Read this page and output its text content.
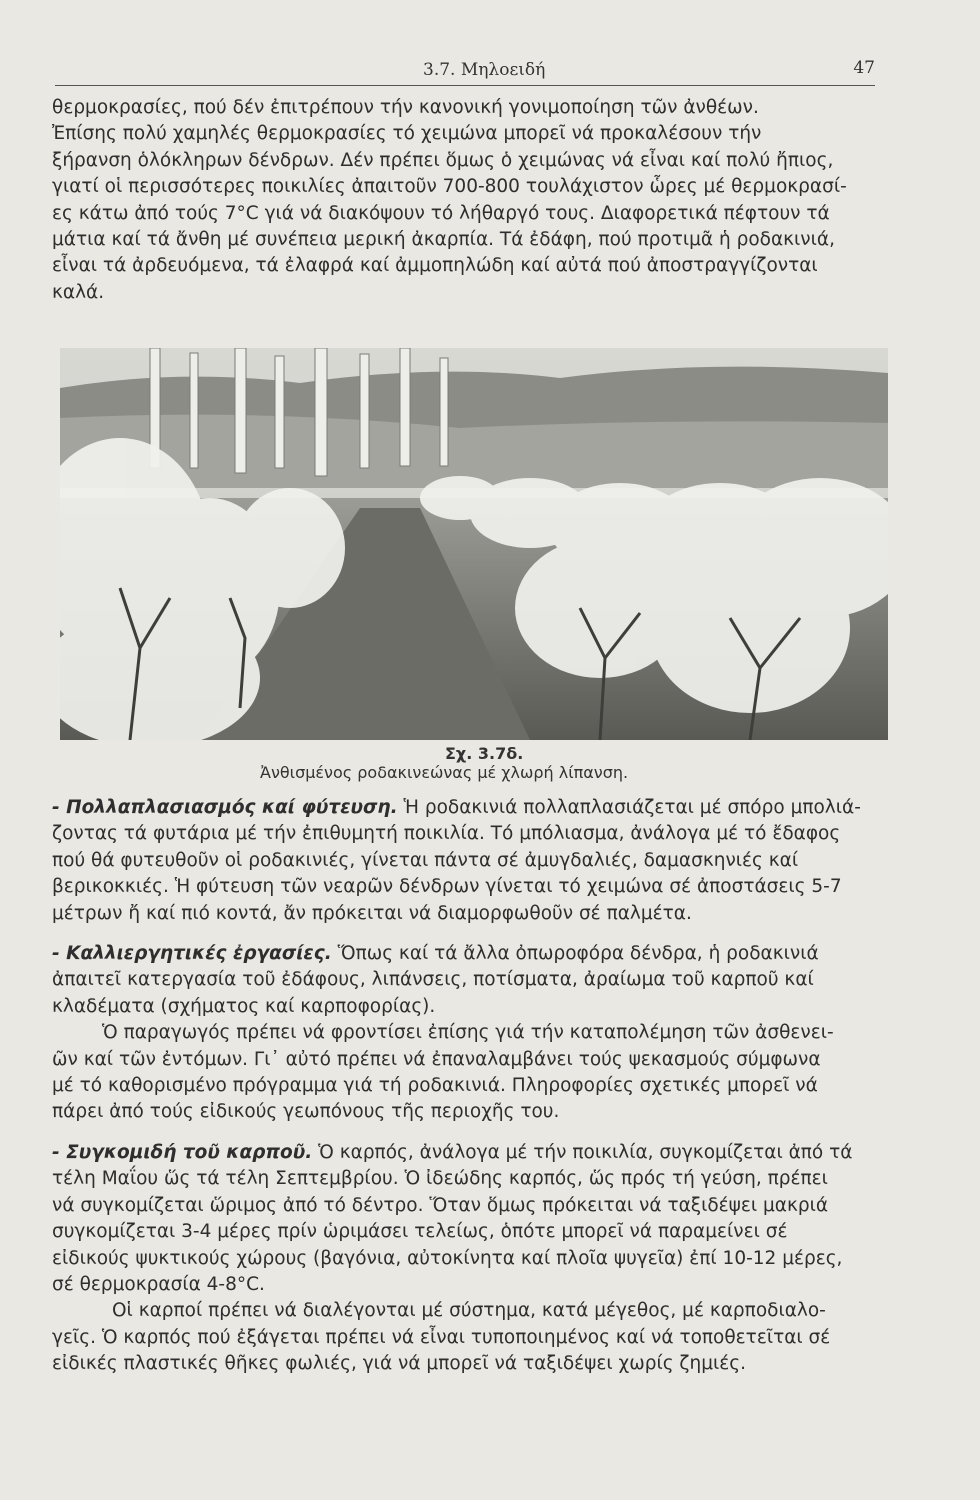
3.7. Μηλοειδή	47
θερμοκρασίες, πού δέν ἐπιτρέπουν τήν κανονική γονιμοποίηση τῶν ἀνθέων.
Ἐπίσης πολύ χαμηλές θερμοκρασίες τό χειμώνα μπορεῖ νά προκαλέσουν τήν
ξήρανση ὁλόκληρων δένδρων. Δέν πρέπει ὅμως ὁ χειμώνας νά εἶναι καί πολύ ἤπιος,
γιατί οἱ περισσότερες ποικιλίες ἀπαιτοῦν 700-800 τουλάχιστον ὧρες μέ θερμοκρασί-
ες κάτω ἀπό τούς 7°C γιά νά διακόψουν τό λήθαργό τους. Διαφορετικά πέφτουν τά
μάτια καί τά ἄνθη μέ συνέπεια μερική ἀκαρπία. Τά ἐδάφη, πού προτιμᾶ ἡ ροδακινιά,
εἶναι τά ἀρδευόμενα, τά ἐλαφρά καί ἀμμοπηλώδη καί αὐτά πού ἀποστραγγίζονται
καλά.
Σχ. 3.7δ.
Ἀνθισμένος ροδακινεώνας μέ χλωρή λίπανση.
- Πολλαπλασιασμός καί φύτευση. Ἡ ροδακινιά πολλαπλασιάζεται μέ σπόρο μπολιά-
ζοντας τά φυτάρια μέ τήν ἐπιθυμητή ποικιλία. Τό μπόλιασμα, ἀνάλογα μέ τό ἔδαφος
πού θά φυτευθοῦν οἱ ροδακινιές, γίνεται πάντα σέ ἀμυγδαλιές, δαμασκηνιές καί
βερικοκκιές. Ἡ φύτευση τῶν νεαρῶν δένδρων γίνεται τό χειμώνα σέ ἀποστάσεις 5-7
μέτρων ἤ καί πιό κοντά, ἄν πρόκειται νά διαμορφωθοῦν σέ παλμέτα.
- Καλλιεργητικές ἐργασίες. Ὅπως καί τά ἄλλα ὀπωροφόρα δένδρα, ἡ ροδακινιά
ἀπαιτεῖ κατεργασία τοῦ ἐδάφους, λιπάνσεις, ποτίσματα, ἀραίωμα τοῦ καρποῦ καί
κλαδέματα (σχήματος καί καρποφορίας).
Ὁ παραγωγός πρέπει νά φροντίσει ἐπίσης γιά τήν καταπολέμηση τῶν ἀσθενει-
ῶν καί τῶν ἐντόμων. Γι᾽ αὐτό πρέπει νά ἐπαναλαμβάνει τούς ψεκασμούς σύμφωνα
μέ τό καθορισμένο πρόγραμμα γιά τή ροδακινιά. Πληροφορίες σχετικές μπορεῖ νά
πάρει ἀπό τούς εἰδικούς γεωπόνους τῆς περιοχῆς του.
- Συγκομιδή τοῦ καρποῦ. Ὁ καρπός, ἀνάλογα μέ τήν ποικιλία, συγκομίζεται ἀπό τά
τέλη Μαΐου ὥς τά τέλη Σεπτεμβρίου. Ὁ ἰδεώδης καρπός, ὥς πρός τή γεύση, πρέπει
νά συγκομίζεται ὥριμος ἀπό τό δέντρο. Ὅταν ὅμως πρόκειται νά ταξιδέψει μακριά
συγκομίζεται 3-4 μέρες πρίν ὡριμάσει τελείως, ὁπότε μπορεῖ νά παραμείνει σέ
εἰδικούς ψυκτικούς χώρους (βαγόνια, αὐτοκίνητα καί πλοῖα ψυγεῖα) ἐπί 10-12 μέρες,
σέ θερμοκρασία 4-8°C.
Οἱ καρποί πρέπει νά διαλέγονται μέ σύστημα, κατά μέγεθος, μέ καρποδιαλο-
γεῖς. Ὁ καρπός πού ἐξάγεται πρέπει νά εἶναι τυποποιημένος καί νά τοποθετεῖται σέ
εἰδικές πλαστικές θῆκες φωλιές, γιά νά μπορεῖ νά ταξιδέψει χωρίς ζημιές.
